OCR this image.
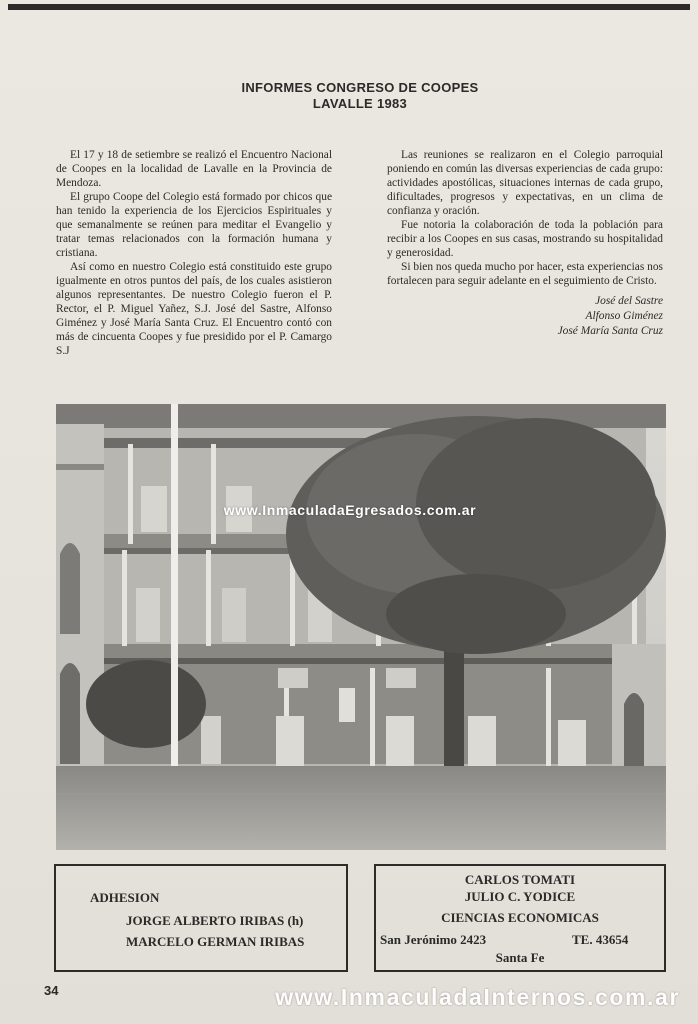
INFORMES CONGRESO DE COOPES
LAVALLE 1983

El 17 y 18 de setiembre se realizó el Encuentro Nacional de Coopes en la localidad de Lavalle en la Provincia de Mendoza.

El grupo Coope del Colegio está formado por chicos que han tenido la experiencia de los Ejercicios Espirituales y que semanalmente se reúnen para meditar el Evangelio y tratar temas relacionados con la formación humana y cristiana.

Así como en nuestro Colegio está constituido este grupo igualmente en otros puntos del país, de los cuales asistieron algunos representantes. De nuestro Colegio fueron el P. Rector, el P. Miguel Yañez, S.J. José del Sastre, Alfonso Giménez y José María Santa Cruz. El Encuentro contó con más de cincuenta Coopes y fue presidido por el P. Camargo S.J

Las reuniones se realizaron en el Colegio parroquial poniendo en común las diversas experiencias de cada grupo: actividades apostólicas, situaciones internas de cada grupo, dificultades, progresos y expectativas, en un clima de confianza y oración.

Fue notoria la colaboración de toda la población para recibir a los Coopes en sus casas, mostrando su hospitalidad y generosidad.

Si bien nos queda mucho por hacer, esta experiencias nos fortalecen para seguir adelante en el seguimiento de Cristo.

José del Sastre
Alfonso Giménez
José María Santa Cruz
www.InmaculadaEgresados.com.ar
ADHESION
JORGE ALBERTO IRIBAS (h)
MARCELO GERMAN IRIBAS
CARLOS TOMATI
JULIO C. YODICE
CIENCIAS ECONOMICAS
San Jerónimo 2423	TE. 43654
Santa Fe
34	www.InmaculadaInternos.com.ar
